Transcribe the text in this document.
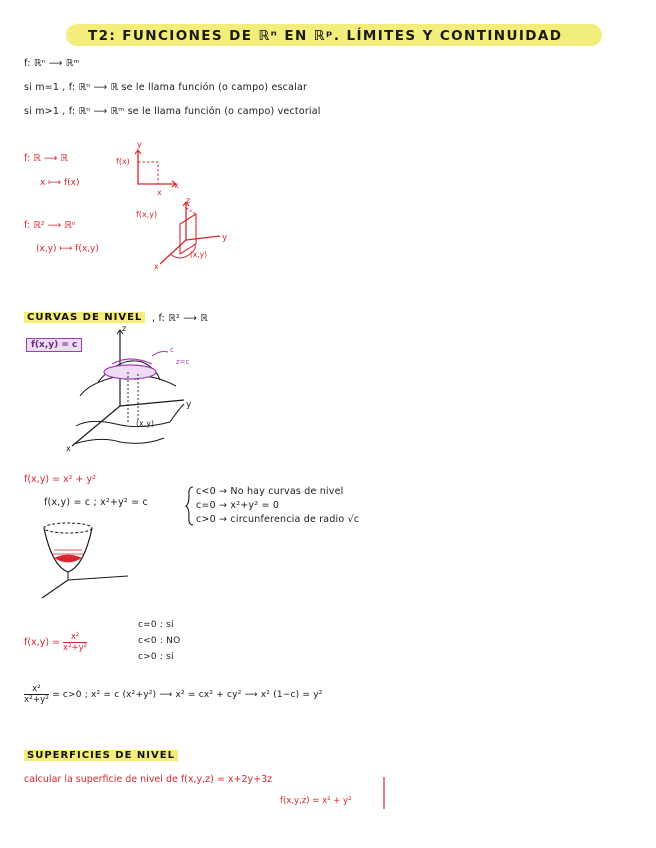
T2: FUNCIONES DE ℝⁿ EN ℝᵖ. LÍMITES Y CONTINUIDAD
f: ℝⁿ ⟶ ℝᵐ
si m=1 , f: ℝⁿ ⟶ ℝ se le llama función (o campo) escalar
si m>1 , f: ℝⁿ ⟶ ℝᵐ se le llama función (o campo) vectorial
f: ℝ ⟶ ℝ
x ⟼ f(x)
f(x)
y
x
x
f: ℝ² ⟶ ℝⁿ
(x,y) ⟼ f(x,y)
f(x,y)
z
y
x
(x,y)
CURVAS DE NIVEL	, f: ℝ² ⟶ ℝ
f(x,y) = c
z
y
x
c
z=c
(x,y)
f(x,y) = x² + y²
f(x,y) = c ; x²+y² = c
c<0 → No hay curvas de nivel
c=0 → x²+y² = 0
c>0 → circunferencia de radio √c
$f(x,y) = \frac{\text{x²}}{\text{x²+y²}}$
c=0 : sí
c<0 : NO
c>0 : sí
$\frac{\text{x²}}{\text{x²+y²}} = c>0$ ; x² = c (x²+y²) ⟶ x² = cx² + cy² ⟶ x² (1−c) = y²
SUPERFICIES DE NIVEL
calcular la superficie de nivel de f(x,y,z) = x+2y+3z
f(x,y,z) = x² + y²
